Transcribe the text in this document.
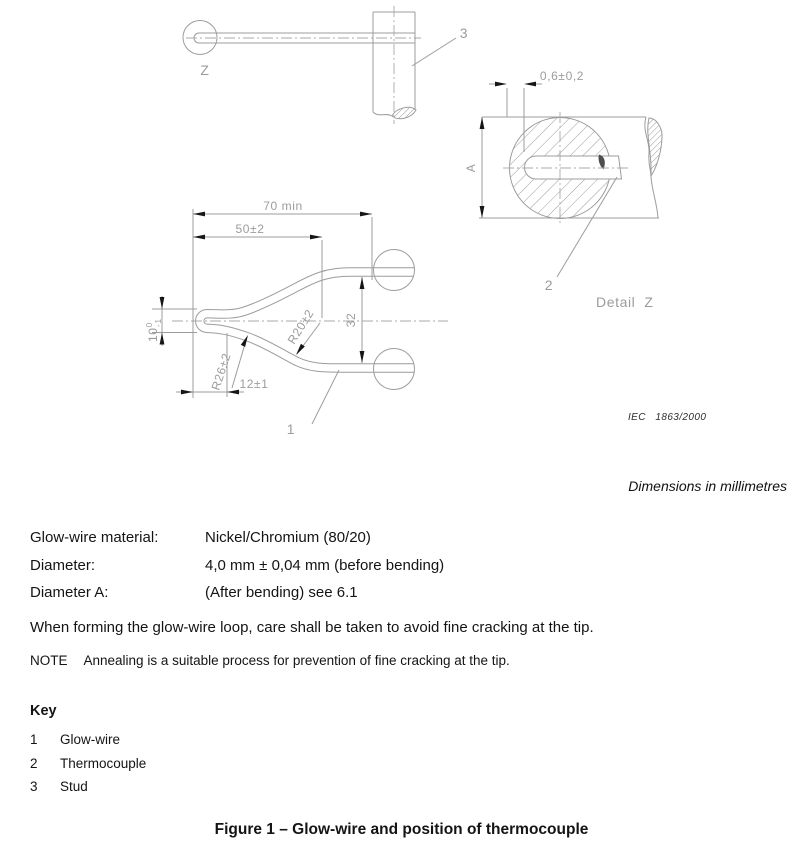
3
Z
70 min
50±2
32
$10^0-1$
12±1
R26±2
R20±2
1
A
0,6±0,2
2
Detail  Z
IEC   1863/2000
Dimensions in millimetres
Glow-wire material:	Nickel/Chromium (80/20)
Diameter:	4,0 mm ± 0,04 mm (before bending)
Diameter A:	(After bending) see 6.1
When forming the glow-wire loop, care shall be taken to avoid fine cracking at the tip.
NOTE Annealing is a suitable process for prevention of fine cracking at the tip.
Key
1 Glow-wire
2 Thermocouple
3 Stud
Figure 1 – Glow-wire and position of thermocouple
